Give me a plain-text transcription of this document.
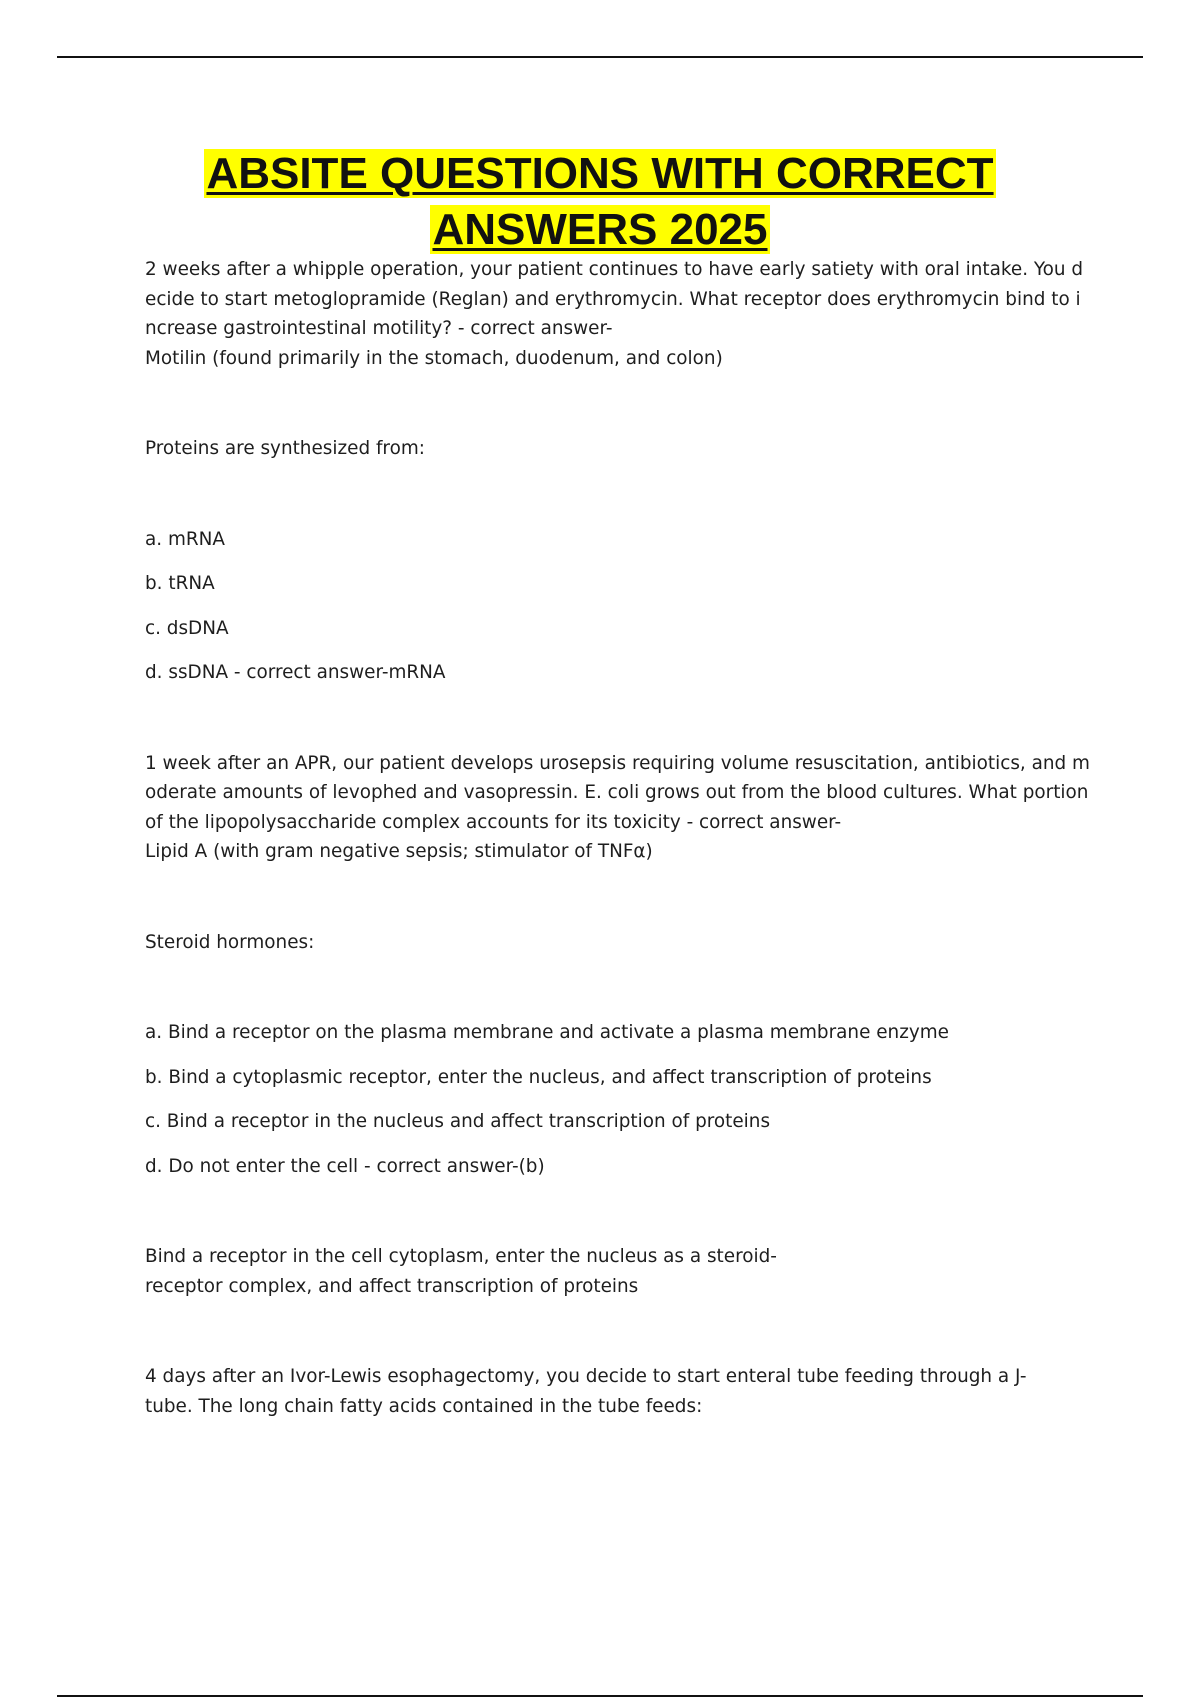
ABSITE QUESTIONS WITH CORRECT
ANSWERS 2025

2 weeks after a whipple operation, your patient continues to have early satiety with oral intake. You decide to start metoglopramide (Reglan) and erythromycin. What receptor does erythromycin bind to increase gastrointestinal motility? - correct answer-

Motilin (found primarily in the stomach, duodenum, and colon)

Proteins are synthesized from:

a. mRNA

b. tRNA

c. dsDNA

d. ssDNA - correct answer-mRNA

1 week after an APR, our patient develops urosepsis requiring volume resuscitation, antibiotics, and moderate amounts of levophed and vasopressin. E. coli grows out from the blood cultures. What portion of the lipopolysaccharide complex accounts for its toxicity - correct answer-

Lipid A (with gram negative sepsis; stimulator of TNFα)

Steroid hormones:

a. Bind a receptor on the plasma membrane and activate a plasma membrane enzyme

b. Bind a cytoplasmic receptor, enter the nucleus, and affect transcription of proteins

c. Bind a receptor in the nucleus and affect transcription of proteins

d. Do not enter the cell - correct answer-(b)

Bind a receptor in the cell cytoplasm, enter the nucleus as a steroid-

receptor complex, and affect transcription of proteins

4 days after an Ivor-Lewis esophagectomy, you decide to start enteral tube feeding through a J-

tube. The long chain fatty acids contained in the tube feeds:
